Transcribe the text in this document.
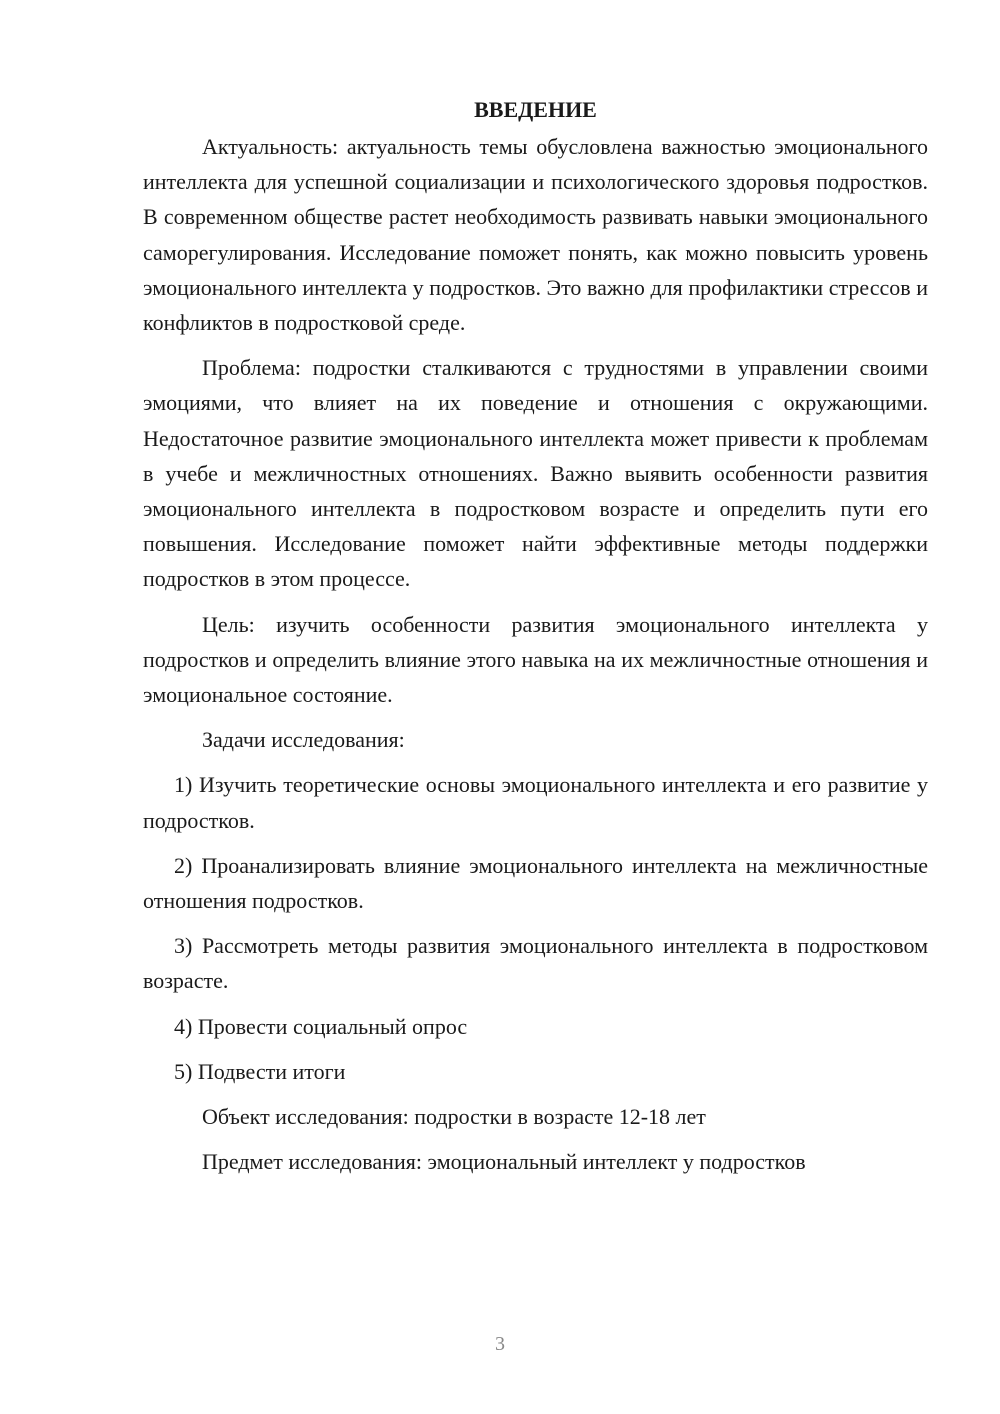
ВВЕДЕНИЕ

Актуальность: актуальность темы обусловлена важностью эмоционального интеллекта для успешной социализации и психологического здоровья подростков. В современном обществе растет необходимость развивать навыки эмоционального саморегулирования. Исследование поможет понять, как можно повысить уровень эмоционального интеллекта у подростков. Это важно для профилактики стрессов и конфликтов в подростковой среде.

Проблема: подростки сталкиваются с трудностями в управлении своими эмоциями, что влияет на их поведение и отношения с окружающими. Недостаточное развитие эмоционального интеллекта может привести к проблемам в учебе и межличностных отношениях. Важно выявить особенности развития эмоционального интеллекта в подростковом возрасте и определить пути его повышения. Исследование поможет найти эффективные методы поддержки подростков в этом процессе.

Цель: изучить особенности развития эмоционального интеллекта у подростков и определить влияние этого навыка на их межличностные отношения и эмоциональное состояние.

Задачи исследования:

1) Изучить теоретические основы эмоционального интеллекта и его развитие у подростков.

2) Проанализировать влияние эмоционального интеллекта на межличностные отношения подростков.

3) Рассмотреть методы развития эмоционального интеллекта в подростковом возрасте.

4) Провести социальный опрос

5) Подвести итоги

Объект исследования: подростки в возрасте 12-18 лет

Предмет исследования: эмоциональный интеллект у подростков

3
